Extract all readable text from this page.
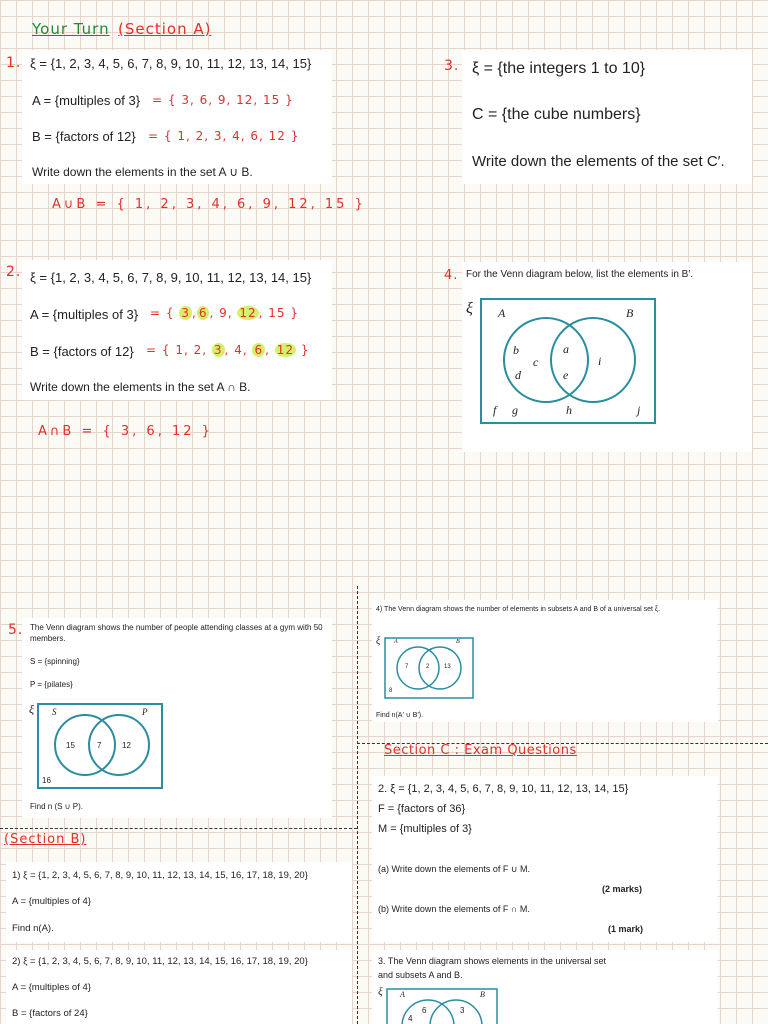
Your Turn (Section A)
1. ξ = {1, 2, 3, 4, 5, 6, 7, 8, 9, 10, 11, 12, 13, 14, 15}
A = {multiples of 3} = { 3, 6, 9, 12, 15 }
B = {factors of 12} = { 1, 2, 3, 4, 6, 12 }
Write down the elements in the set A ∪ B.
A∪B = { 1, 2, 3, 4, 6, 9, 12, 15 }
3. ξ = {the integers 1 to 10}
C = {the cube numbers}
Write down the elements of the set C′.
2. ξ = {1, 2, 3, 4, 5, 6, 7, 8, 9, 10, 11, 12, 13, 14, 15}
A = {multiples of 3} = { 3 , 6 , 9, 12 , 15 }
B = {factors of 12} = { 1, 2, 3 , 4, 6 , 12 }
Write down the elements in the set A ∩ B.
A∩B = { 3, 6, 12 }
4. For the Venn diagram below, list the elements in B′.
ξ A	B
b
c
d
a
e
i
f g	h	j
5. The Venn diagram shows the number of people attending classes at a gym with 50 members.
S = {spinning}
P = {pilates}
ξ S	P
15	7	12
16
Find n (S ∪ P).
4) The Venn diagram shows the number of elements in subsets A and B of a universal set ξ.
ξ A	B
7	2 13
8
Find n(A′ ∪ B′).
Section C : Exam Questions
2. ξ = {1, 2, 3, 4, 5, 6, 7, 8, 9, 10, 11, 12, 13, 14, 15}
F = {factors of 36}
M = {multiples of 3}
(a) Write down the elements of F ∪ M.
(2 marks)
(b) Write down the elements of F ∩ M.
(1 mark)
3. The Venn diagram shows elements in the universal set
and subsets A and B.
ξ A	B
6	3
4
(Section B)
1) ξ = {1, 2, 3, 4, 5, 6, 7, 8, 9, 10, 11, 12, 13, 14, 15, 16, 17, 18, 19, 20}
A = {multiples of 4}
Find n(A).
2) ξ = {1, 2, 3, 4, 5, 6, 7, 8, 9, 10, 11, 12, 13, 14, 15, 16, 17, 18, 19, 20}
A = {multiples of 4}
B = {factors of 24}
